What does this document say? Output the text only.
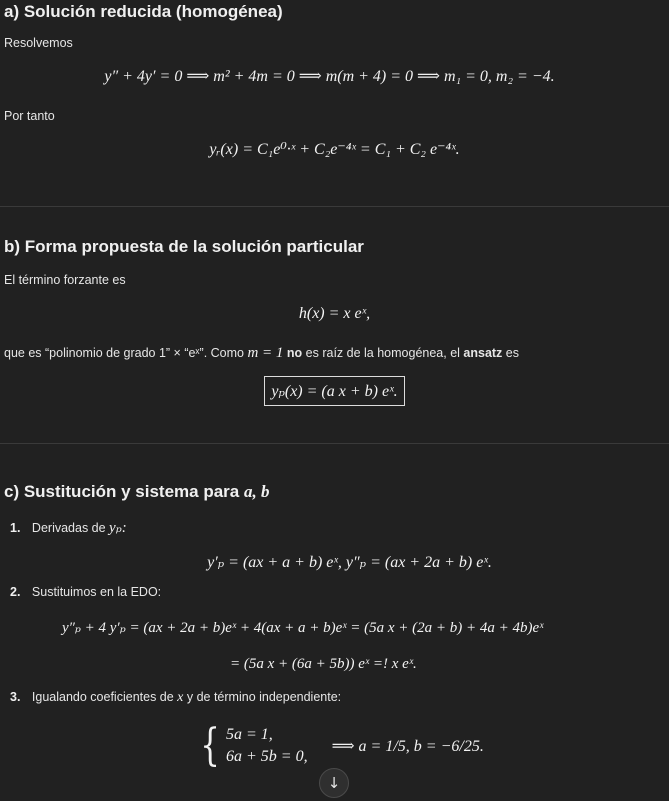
a) Solución reducida (homogénea)
Resolvemos
y″ + 4y′ = 0 ⟹ m² + 4m = 0 ⟹ m(m + 4) = 0 ⟹ m₁ = 0, m₂ = −4.
Por tanto
yᵣ(x) = C₁e⁰·ˣ + C₂e⁻⁴ˣ = C₁ + C₂ e⁻⁴ˣ.
b) Forma propuesta de la solución particular
El término forzante es
h(x) = x eˣ,
que es “polinomio de grado 1” × “eˣ”. Como m = 1 no es raíz de la homogénea, el ansatz es
yₚ(x) = (a x + b) eˣ.
c) Sustitución y sistema para a, b
1. Derivadas de yₚ:
y′ₚ = (ax + a + b) eˣ, y″ₚ = (ax + 2a + b) eˣ.
2. Sustituimos en la EDO:
y″ₚ + 4 y′ₚ = (ax + 2a + b)eˣ + 4(ax + a + b)eˣ = (5a x + (2a + b) + 4a + 4b)eˣ
= (5a x + (6a + 5b)) eˣ =! x eˣ.
3. Igualando coeficientes de x y de término independiente:
{ 5a = 1,
6a + 5b = 0,
⟹ a = 1/5, b = −6/25.
↓
